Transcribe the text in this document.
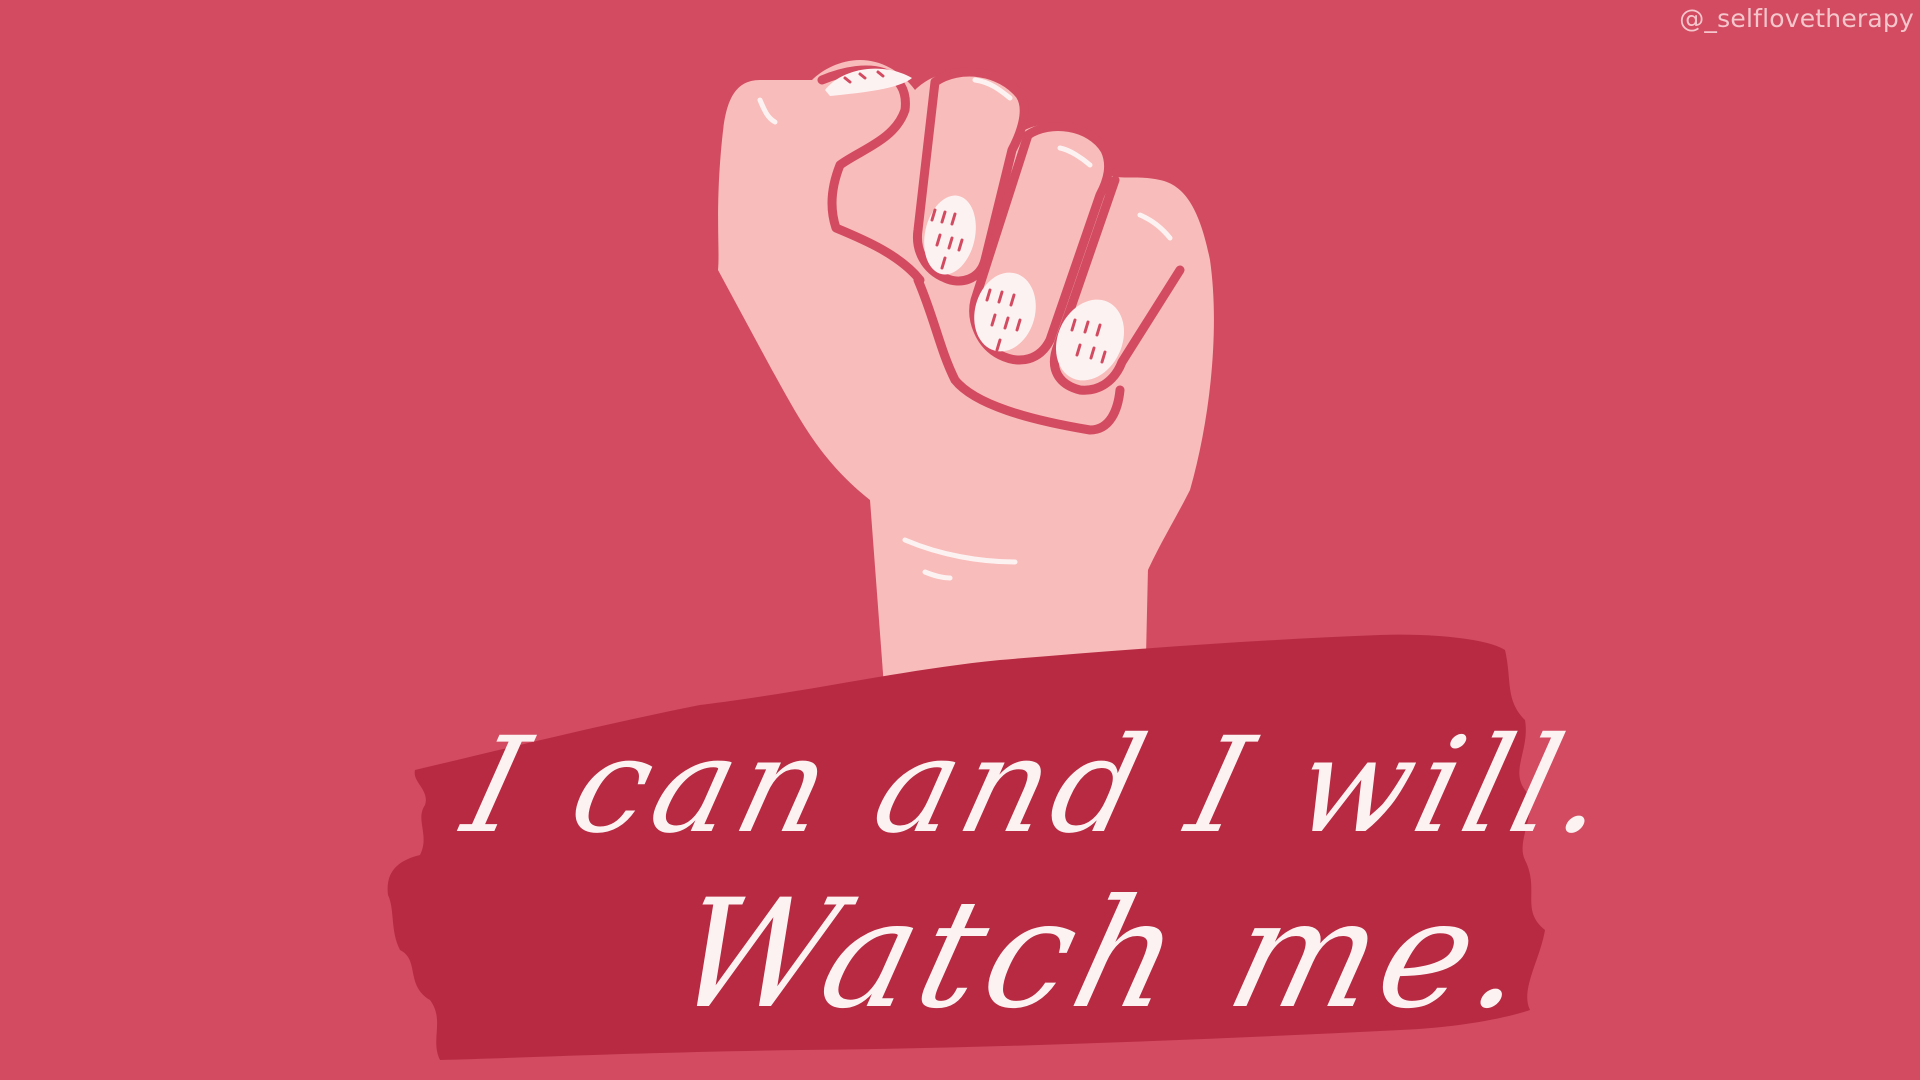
@_selflovetherapy
I can and I will.
Watch me.
